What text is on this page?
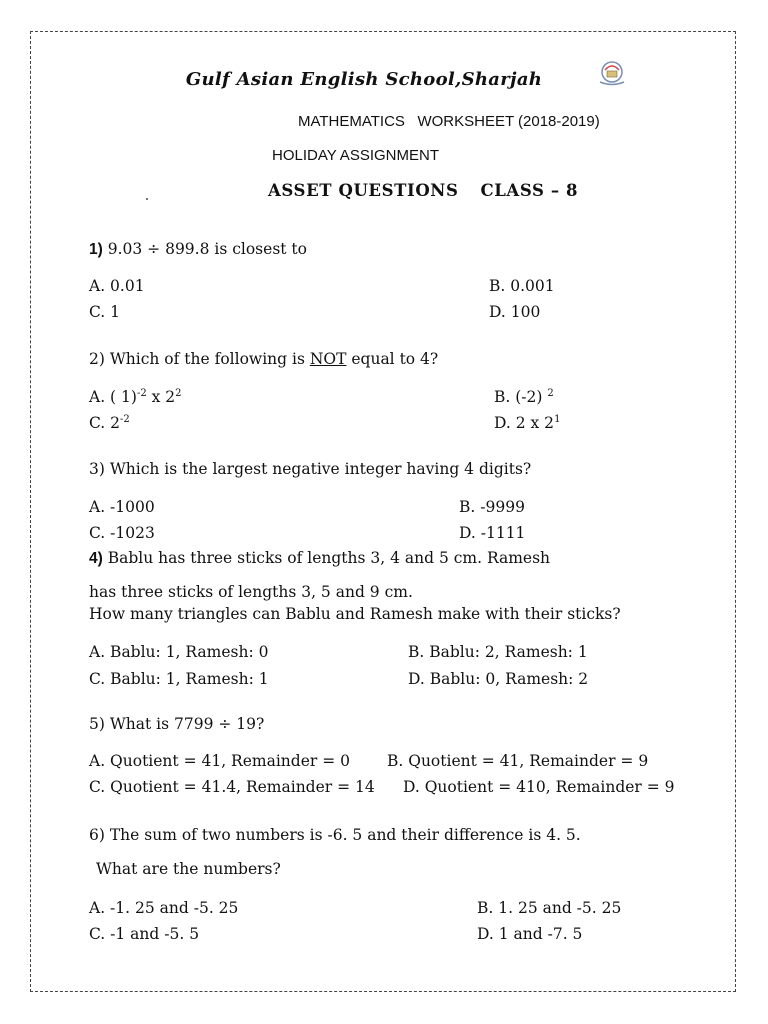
Gulf Asian English School,Sharjah
MATHEMATICS   WORKSHEET (2018-2019)
HOLIDAY ASSIGNMENT
ASSET QUESTIONS CLASS – 8
1) 9.03 ÷ 899.8 is closest to
A. 0.01	B. 0.001
C. 1	D. 100
2) Which of the following is NOT equal to 4?
A. ( 1)$^{-2}$ x $2^2$	B. (-2) $^2$
C. $2^{-2}$	D. 2 x $2^1$
3) Which is the largest negative integer having 4 digits?
A. -1000	B. -9999
C. -1023	D. -1111
4) Bablu has three sticks of lengths 3, 4 and 5 cm. Ramesh
has three sticks of lengths 3, 5 and 9 cm.
How many triangles can Bablu and Ramesh make with their sticks?
A. Bablu: 1, Ramesh: 0	B. Bablu: 2, Ramesh: 1
C. Bablu: 1, Ramesh: 1	D. Bablu: 0, Ramesh: 2
5) What is 7799 ÷ 19?
A. Quotient = 41, Remainder = 0 B. Quotient = 41, Remainder = 9
C. Quotient = 41.4, Remainder = 14 D. Quotient = 410, Remainder = 9
6) The sum of two numbers is -6. 5 and their difference is 4. 5.
What are the numbers?
A. -1. 25 and -5. 25	B. 1. 25 and -5. 25
C. -1 and -5. 5	D. 1 and -7. 5
